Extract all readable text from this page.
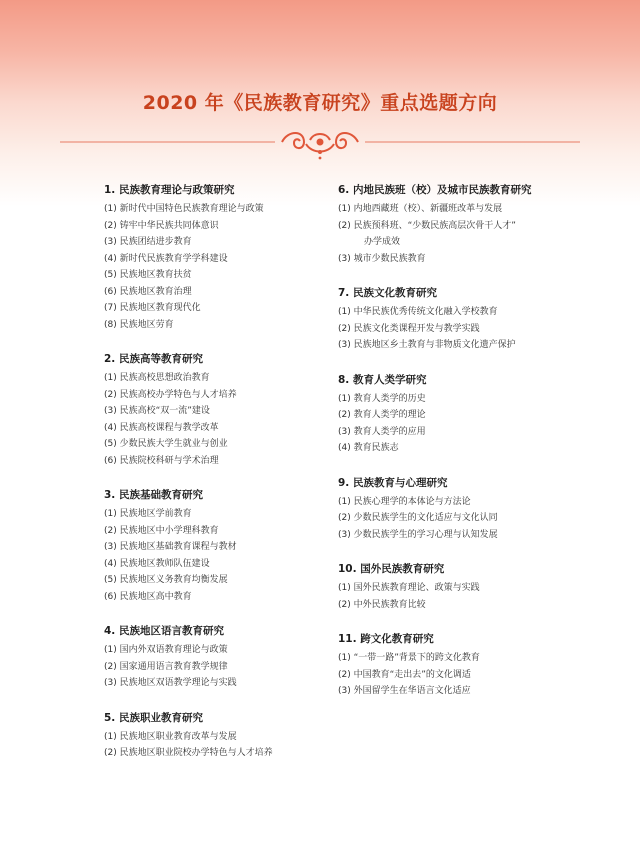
2020 年《民族教育研究》重点选题方向
1. 民族教育理论与政策研究
(1) 新时代中国特色民族教育理论与政策
(2) 铸牢中华民族共同体意识
(3) 民族团结进步教育
(4) 新时代民族教育学学科建设
(5) 民族地区教育扶贫
(6) 民族地区教育治理
(7) 民族地区教育现代化
(8) 民族地区劳育
2. 民族高等教育研究
(1) 民族高校思想政治教育
(2) 民族高校办学特色与人才培养
(3) 民族高校“双一流”建设
(4) 民族高校课程与教学改革
(5) 少数民族大学生就业与创业
(6) 民族院校科研与学术治理
3. 民族基础教育研究
(1) 民族地区学前教育
(2) 民族地区中小学理科教育
(3) 民族地区基础教育课程与教材
(4) 民族地区教师队伍建设
(5) 民族地区义务教育均衡发展
(6) 民族地区高中教育
4. 民族地区语言教育研究
(1) 国内外双语教育理论与政策
(2) 国家通用语言教育教学规律
(3) 民族地区双语教学理论与实践
5. 民族职业教育研究
(1) 民族地区职业教育改革与发展
(2) 民族地区职业院校办学特色与人才培养
6. 内地民族班（校）及城市民族教育研究
(1) 内地西藏班（校）、新疆班改革与发展
(2) 民族预科班、“少数民族高层次骨干人才”
办学成效
(3) 城市少数民族教育
7. 民族文化教育研究
(1) 中华民族优秀传统文化融入学校教育
(2) 民族文化类课程开发与教学实践
(3) 民族地区乡土教育与非物质文化遗产保护
8. 教育人类学研究
(1) 教育人类学的历史
(2) 教育人类学的理论
(3) 教育人类学的应用
(4) 教育民族志
9. 民族教育与心理研究
(1) 民族心理学的本体论与方法论
(2) 少数民族学生的文化适应与文化认同
(3) 少数民族学生的学习心理与认知发展
10. 国外民族教育研究
(1) 国外民族教育理论、政策与实践
(2) 中外民族教育比较
11. 跨文化教育研究
(1) “一带一路”背景下的跨文化教育
(2) 中国教育“走出去”的文化调适
(3) 外国留学生在华语言文化适应
